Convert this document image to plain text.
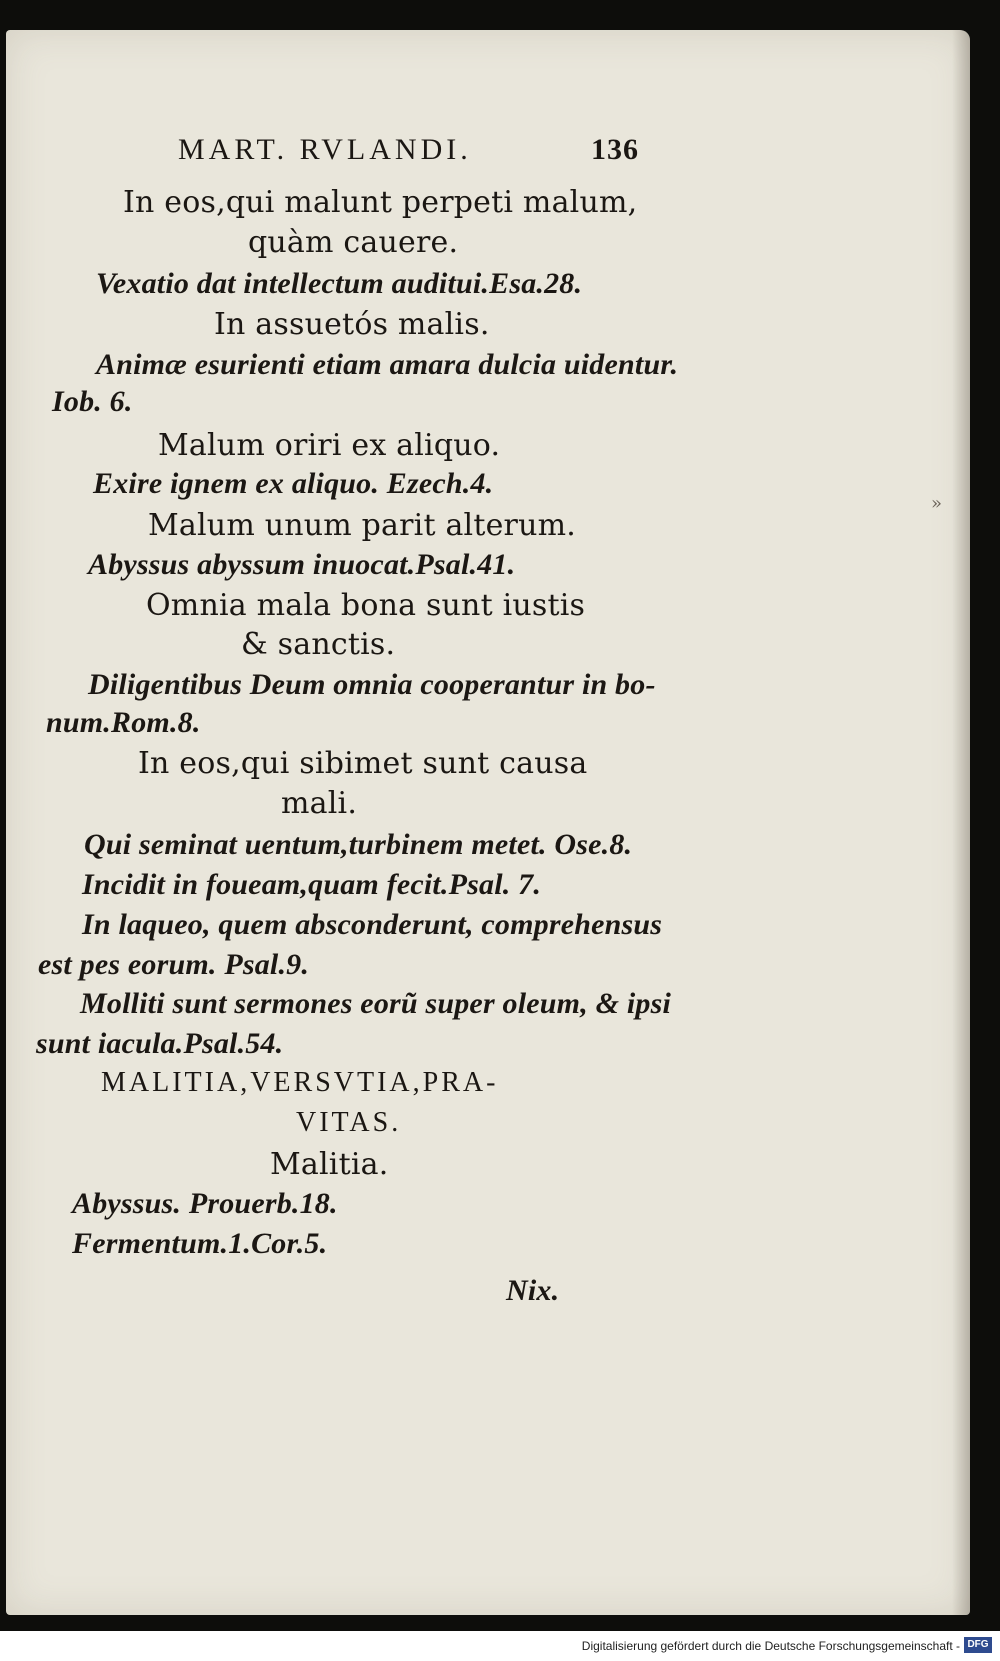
MART. RVLANDI.	136
In eos,qui malunt perpeti malum,
quàm cauere.
Vexatio dat intellectum auditui.Esa.28.
In assuetós malis.
Animæ esurienti etiam amara dulcia uidentur.
Iob. 6.
Malum oriri ex aliquo.
Exire ignem ex aliquo. Ezech.4.
Malum unum parit alterum.
Abyssus abyssum inuocat.Psal.41.
Omnia mala bona sunt iustis
& sanctis.
Diligentibus Deum omnia cooperantur in bo-
num.Rom.8.
In eos,qui sibimet sunt causa
mali.
Qui seminat uentum,turbinem metet. Ose.8.
Incidit in foueam,quam fecit.Psal. 7.
In laqueo, quem absconderunt, comprehensus
est pes eorum. Psal.9.
Molliti sunt sermones eorũ super oleum, & ipsi
sunt iacula.Psal.54.
MALITIA,VERSVTIA,PRA-
VITAS.
Malitia.
Abyssus. Prouerb.18.
Fermentum.1.Cor.5.
Nix.
»
Digitalisierung gefördert durch die Deutsche Forschungsgemeinschaft - DFG
